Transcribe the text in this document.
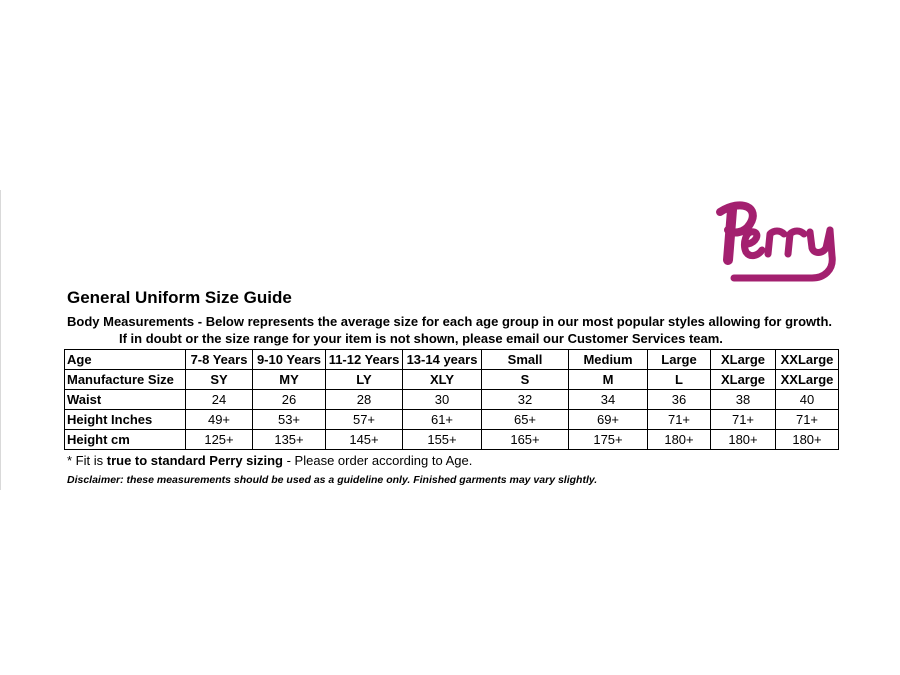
General Uniform Size Guide
Body Measurements - Below represents the average size for each age group in our most popular styles allowing for growth.
If in doubt or the size range for your item is not shown, please email our Customer Services team.
Age	7-8 Years	9-10 Years	11-12 Years	13-14 years	Small	Medium	Large	XLarge	XXLarge
Manufacture Size	SY	MY	LY	XLY	S	M	L	XLarge	XXLarge
Waist	24	26	28	30	32	34	36	38	40
Height Inches	49+	53+	57+	61+	65+	69+	71+	71+	71+
Height cm	125+	135+	145+	155+	165+	175+	180+	180+	180+
* Fit is true to standard Perry sizing - Please order according to Age.
Disclaimer: these measurements should be used as a guideline only. Finished garments may vary slightly.
